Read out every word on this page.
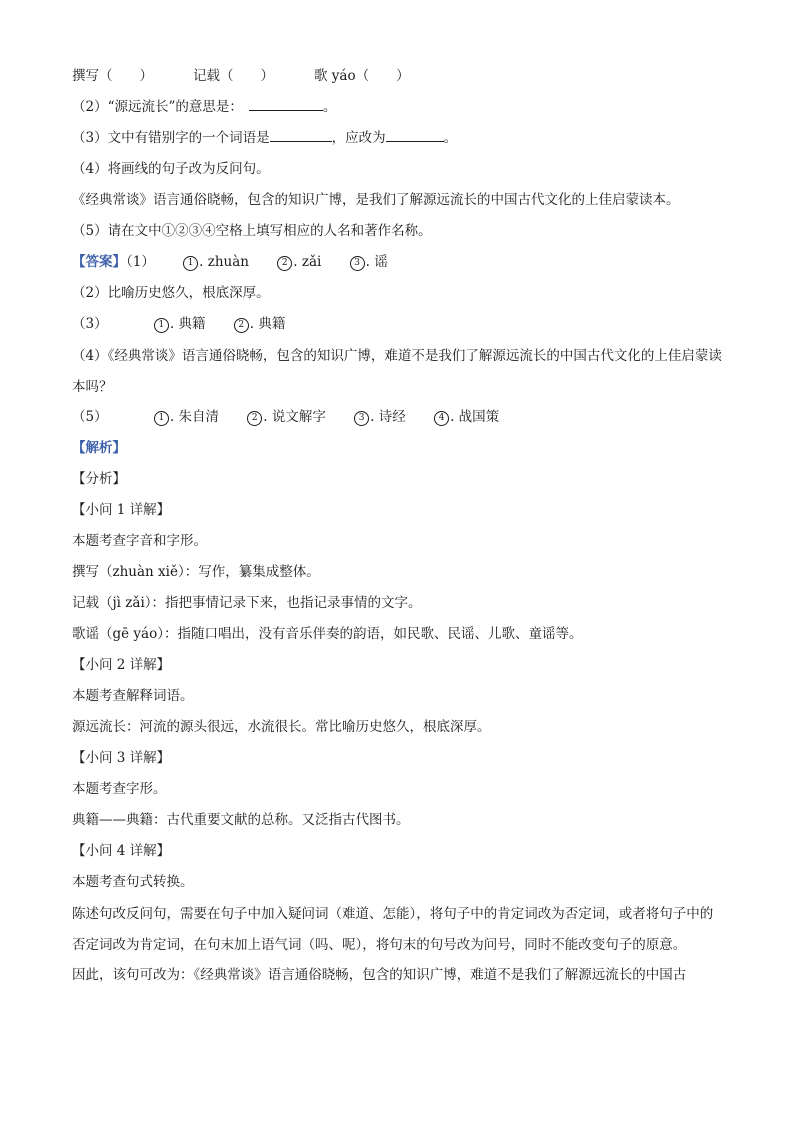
撰写（　　）	记载（　　）	歌 yáo（　　）
（2）“源远流长”的意思是：	。
（3）文中有错别字的一个词语是	，应改为	。
（4）将画线的句子改为反问句。
《经典常谈》语言通俗晓畅，包含的知识广博，是我们了解源远流长的中国古代文化的上佳启蒙读本。
（5）请在文中①②③④空格上填写相应的人名和著作名称。
【答案】（1）	1 . zhuàn	2 . zǎi	3 . 谣
（2）比喻历史悠久，根底深厚。
（3）	1 . 典籍	2 . 典籍
（4）《经典常谈》语言通俗晓畅，包含的知识广博，难道不是我们了解源远流长的中国古代文化的上佳启蒙读本吗？
（5）	1 . 朱自清	2 . 说文解字	3 . 诗经	4 . 战国策
【解析】
【分析】
【小问 1 详解】
本题考查字音和字形。
撰写（zhuàn xiě）：写作，纂集成整体。
记载（jì zǎi）：指把事情记录下来，也指记录事情的文字。
歌谣（gē yáo）：指随口唱出，没有音乐伴奏的韵语，如民歌、民谣、儿歌、童谣等。
【小问 2 详解】
本题考查解释词语。
源远流长：河流的源头很远，水流很长。常比喻历史悠久，根底深厚。
【小问 3 详解】
本题考查字形。
典籍——典籍：古代重要文献的总称。又泛指古代图书。
【小问 4 详解】
本题考查句式转换。
陈述句改反问句，需要在句子中加入疑问词（难道、怎能），将句子中的肯定词改为否定词，或者将句子中的否定词改为肯定词，在句末加上语气词（吗、呢），将句末的句号改为问号，同时不能改变句子的原意。
因此，该句可改为：《经典常谈》语言通俗晓畅，包含的知识广博，难道不是我们了解源远流长的中国古
